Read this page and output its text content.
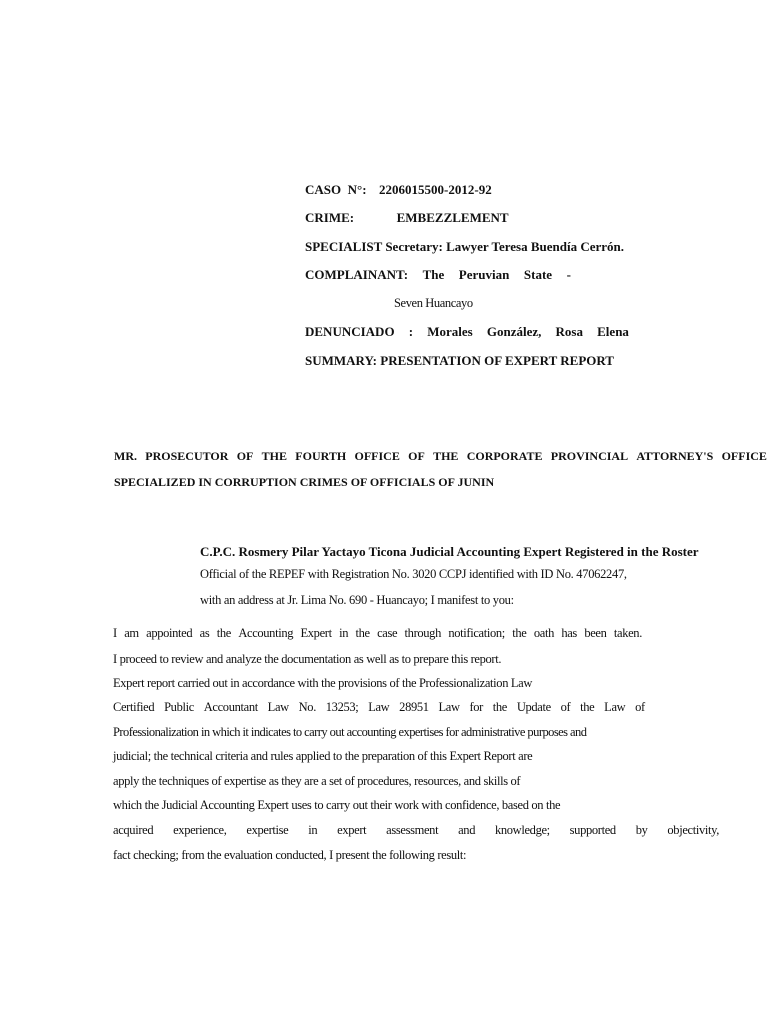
CASO  N°: 2206015500-2012-92
CRIME:	EMBEZZLEMENT
SPECIALIST Secretary: Lawyer Teresa Buendía Cerrón.
COMPLAINANT: The Peruvian State -
Seven Huancayo
DENUNCIADO : Morales González, Rosa Elena
SUMMARY: PRESENTATION OF EXPERT REPORT
MR. PROSECUTOR OF THE FOURTH OFFICE OF THE CORPORATE PROVINCIAL ATTORNEY'S OFFICE
SPECIALIZED IN CORRUPTION CRIMES OF OFFICIALS OF JUNIN
C.P.C. Rosmery Pilar Yactayo Ticona Judicial Accounting Expert Registered in the Roster
Official of the REPEF with Registration No. 3020 CCPJ identified with ID No. 47062247,
with an address at Jr. Lima No. 690 - Huancayo; I manifest to you:
I am appointed as the Accounting Expert in the case through notification; the oath has been taken.
I proceed to review and analyze the documentation as well as to prepare this report.
Expert report carried out in accordance with the provisions of the Professionalization Law
Certified Public Accountant Law No. 13253; Law 28951 Law for the Update of the Law of
Professionalization in which it indicates to carry out accounting expertises for administrative purposes and
judicial; the technical criteria and rules applied to the preparation of this Expert Report are
apply the techniques of expertise as they are a set of procedures, resources, and skills of
which the Judicial Accounting Expert uses to carry out their work with confidence, based on the
acquired experience, expertise in expert assessment and knowledge; supported by objectivity,
fact checking; from the evaluation conducted, I present the following result:
